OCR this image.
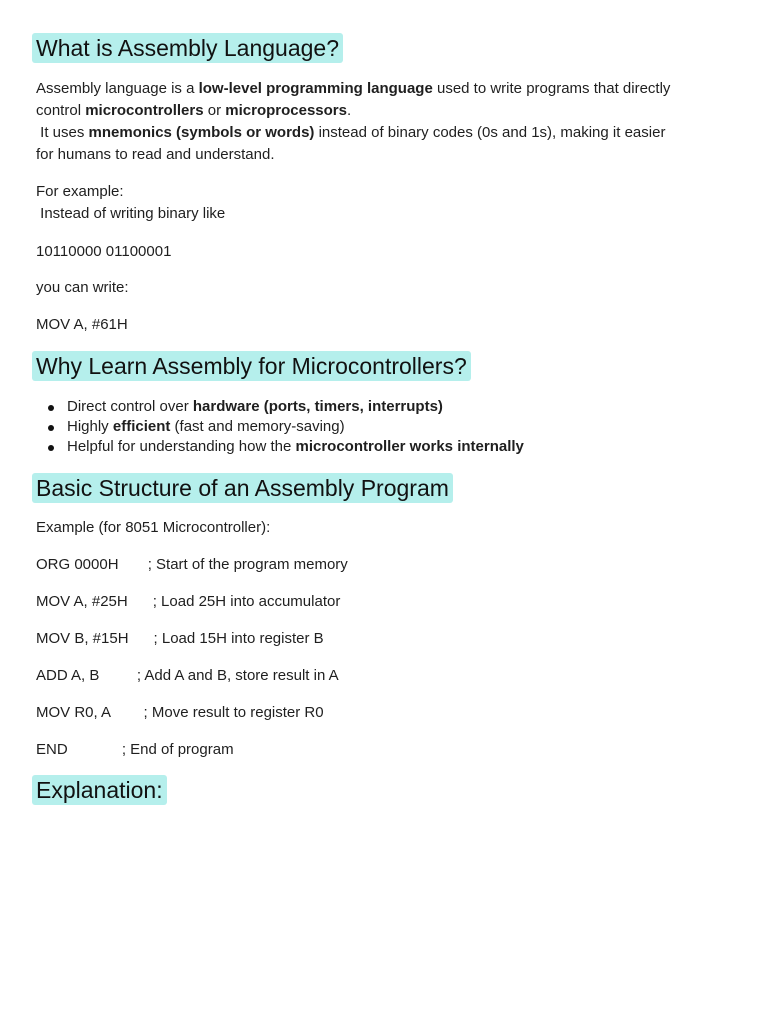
What is Assembly Language?

Assembly language is a low-level programming language used to write programs that directly
control microcontrollers or microprocessors.
It uses mnemonics (symbols or words) instead of binary codes (0s and 1s), making it easier
for humans to read and understand.

For example:
Instead of writing binary like

10110000 01100001

you can write:

MOV A, #61H

Why Learn Assembly for Microcontrollers?
Direct control over hardware (ports, timers, interrupts)
Highly efficient (fast and memory-saving)
Helpful for understanding how the microcontroller works internally
Basic Structure of an Assembly Program

Example (for 8051 Microcontroller):

ORG 0000H       ; Start of the program memory

MOV A, #25H      ; Load 25H into accumulator

MOV B, #15H      ; Load 15H into register B

ADD A, B         ; Add A and B, store result in A

MOV R0, A        ; Move result to register R0

END             ; End of program

Explanation:
